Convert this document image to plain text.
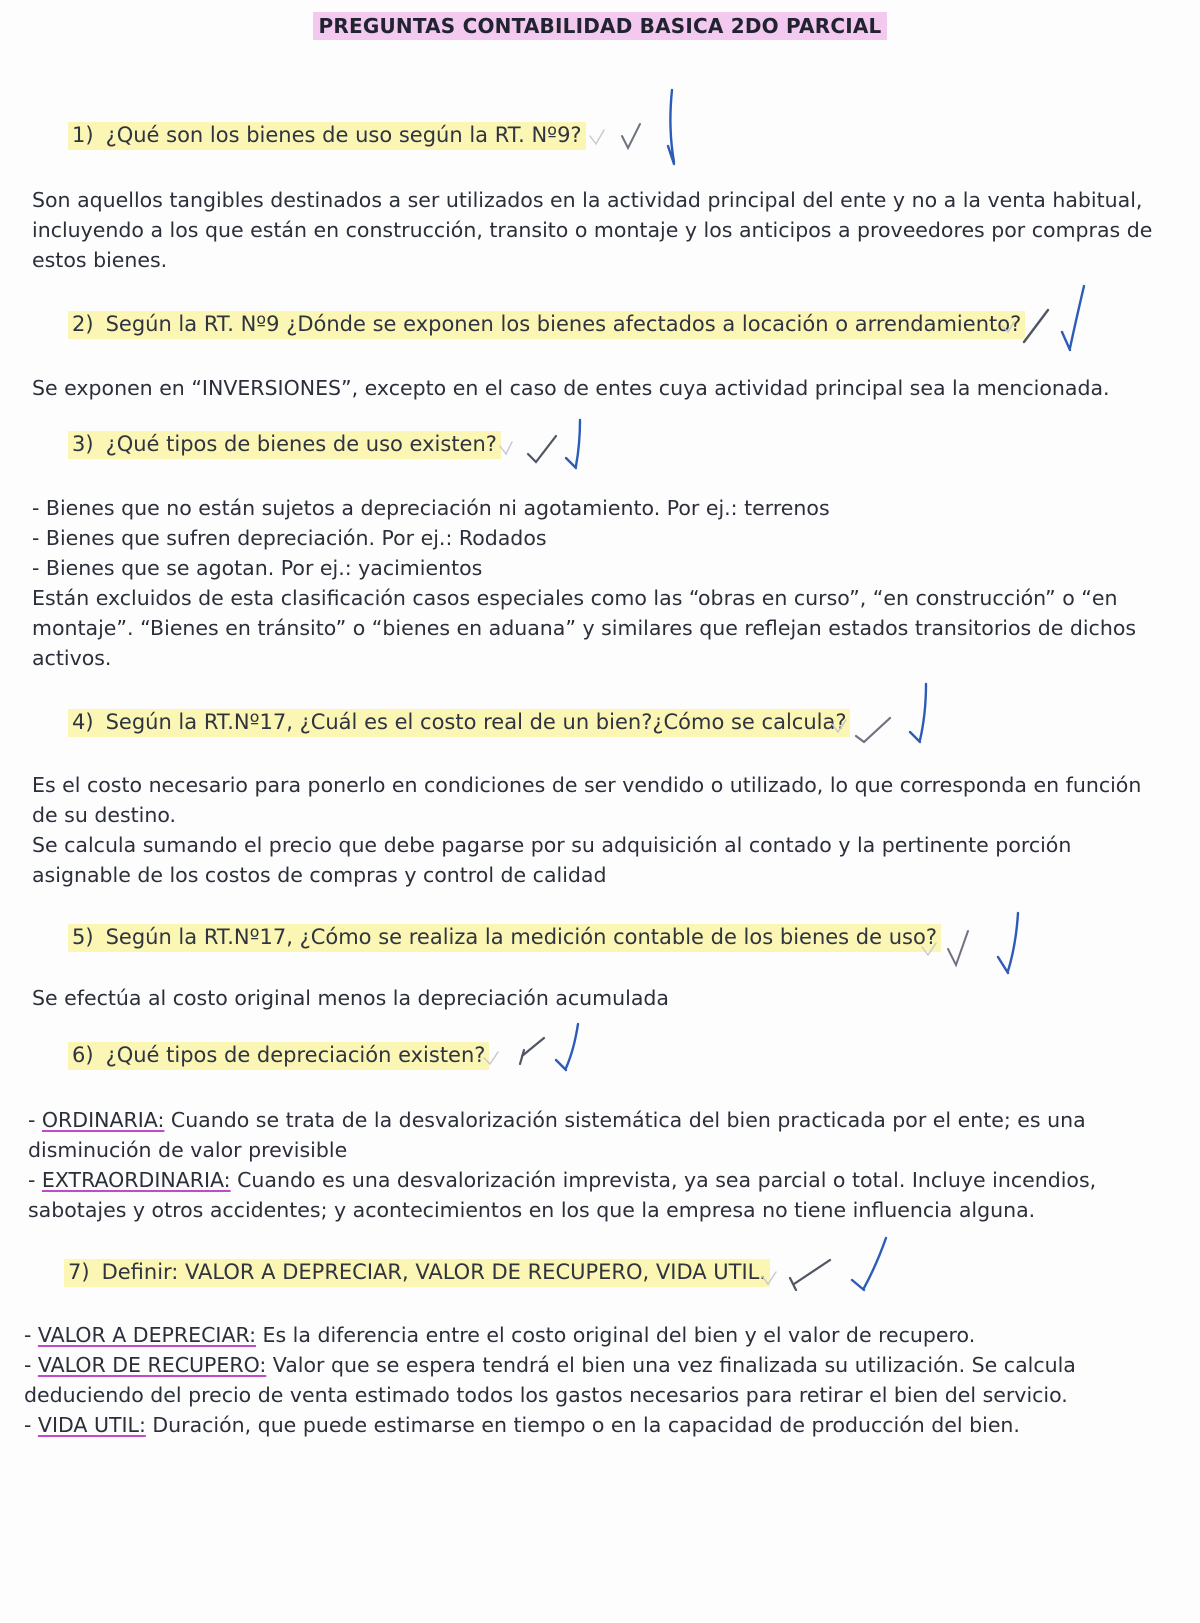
PREGUNTAS CONTABILIDAD BASICA 2DO PARCIAL
1) ¿Qué son los bienes de uso según la RT. Nº9?

Son aquellos tangibles destinados a ser utilizados en la actividad principal del ente y no a la venta habitual, incluyendo a los que están en construcción, transito o montaje y los anticipos a proveedores por compras de estos bienes.

2) Según la RT. Nº9 ¿Dónde se exponen los bienes afectados a locación o arrendamiento?

Se exponen en “INVERSIONES”, excepto en el caso de entes cuya actividad principal sea la mencionada.

3) ¿Qué tipos de bienes de uso existen?

- Bienes que no están sujetos a depreciación ni agotamiento. Por ej.: terrenos

- Bienes que sufren depreciación. Por ej.: Rodados

- Bienes que se agotan. Por ej.: yacimientos

Están excluidos de esta clasificación casos especiales como las “obras en curso”, “en construcción” o “en montaje”. “Bienes en tránsito” o “bienes en aduana” y similares que reflejan estados transitorios de dichos activos.

4) Según la RT.Nº17, ¿Cuál es el costo real de un bien?¿Cómo se calcula?

Es el costo necesario para ponerlo en condiciones de ser vendido o utilizado, lo que corresponda en función de su destino.

Se calcula sumando el precio que debe pagarse por su adquisición al contado y la pertinente porción asignable de los costos de compras y control de calidad

5) Según la RT.Nº17, ¿Cómo se realiza la medición contable de los bienes de uso?

Se efectúa al costo original menos la depreciación acumulada

6) ¿Qué tipos de depreciación existen?

- ORDINARIA: Cuando se trata de la desvalorización sistemática del bien practicada por el ente; es una disminución de valor previsible

- EXTRAORDINARIA: Cuando es una desvalorización imprevista, ya sea parcial o total. Incluye incendios, sabotajes y otros accidentes; y acontecimientos en los que la empresa no tiene influencia alguna.

7) Definir: VALOR A DEPRECIAR, VALOR DE RECUPERO, VIDA UTIL.

- VALOR A DEPRECIAR: Es la diferencia entre el costo original del bien y el valor de recupero.

- VALOR DE RECUPERO: Valor que se espera tendrá el bien una vez finalizada su utilización. Se calcula deduciendo del precio de venta estimado todos los gastos necesarios para retirar el bien del servicio.

- VIDA UTIL: Duración, que puede estimarse en tiempo o en la capacidad de producción del bien.
